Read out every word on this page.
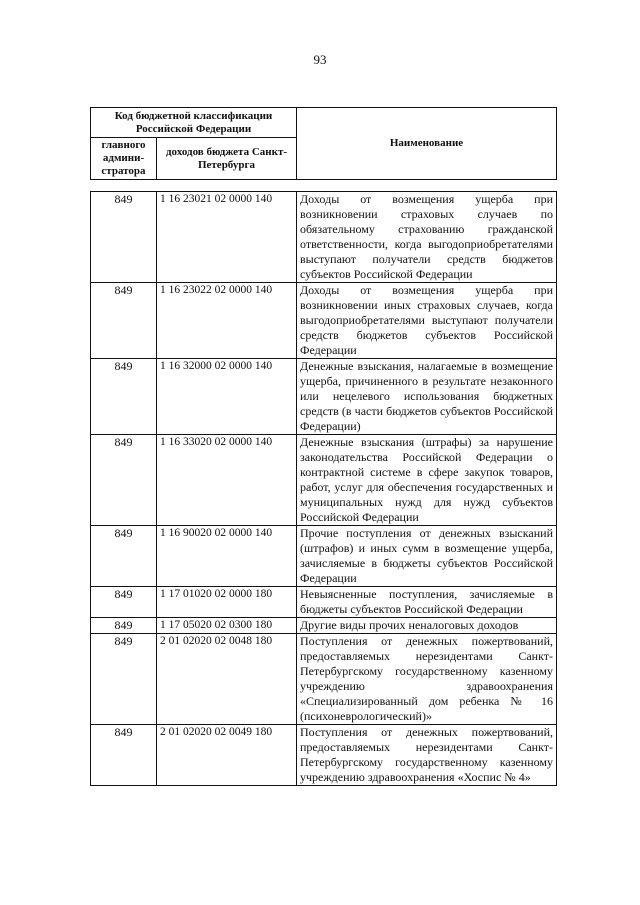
93
Код бюджетной классификации Российской Федерации		Наименование
главного админи-стратора	доходов бюджета Санкт-Петербурга	
849	1 16 23021 02 0000 140	Доходы от возмещения ущерба при возникновении страховых случаев по обязательному страхованию гражданской ответственности, когда выгодоприобретателями выступают получатели средств бюджетов субъектов Российской Федерации
849	1 16 23022 02 0000 140	Доходы от возмещения ущерба при возникновении иных страховых случаев, когда выгодоприобретателями выступают получатели средств бюджетов субъектов Российской Федерации
849	1 16 32000 02 0000 140	Денежные взыскания, налагаемые в возмещение ущерба, причиненного в результате незаконного или нецелевого использования бюджетных средств (в части бюджетов субъектов Российской Федерации)
849	1 16 33020 02 0000 140	Денежные взыскания (штрафы) за нарушение законодательства Российской Федерации о контрактной системе в сфере закупок товаров, работ, услуг для обеспечения государственных и муниципальных нужд для нужд субъектов Российской Федерации
849	1 16 90020 02 0000 140	Прочие поступления от денежных взысканий (штрафов) и иных сумм в возмещение ущерба, зачисляемые в бюджеты субъектов Российской Федерации
849	1 17 01020 02 0000 180	Невыясненные поступления, зачисляемые в бюджеты субъектов Российской Федерации
849	1 17 05020 02 0300 180	Другие виды прочих неналоговых доходов
849	2 01 02020 02 0048 180	Поступления от денежных пожертвований, предоставляемых нерезидентами Санкт-Петербургскому государственному казенному учреждению здравоохранения «Специализированный дом ребенка № 16 (психоневрологический)»
849	2 01 02020 02 0049 180	Поступления от денежных пожертвований, предоставляемых нерезидентами Санкт-Петербургскому государственному казенному учреждению здравоохранения «Хоспис № 4»
